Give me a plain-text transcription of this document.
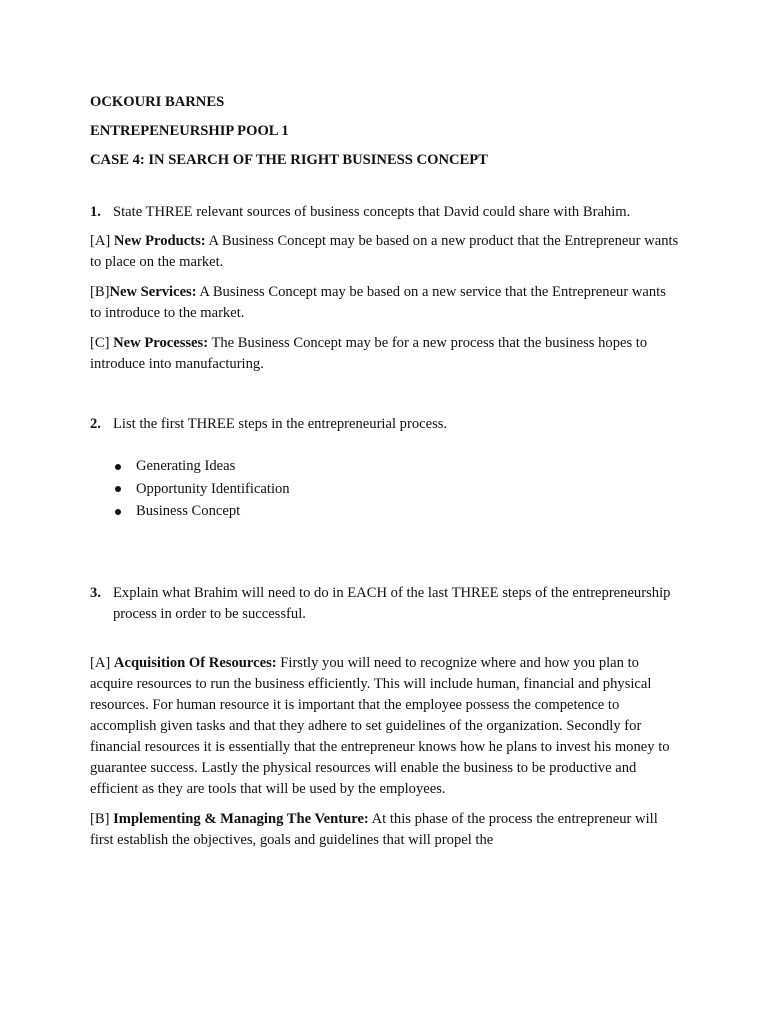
OCKOURI BARNES
ENTREPENEURSHIP POOL 1
CASE 4: IN SEARCH OF THE RIGHT BUSINESS CONCEPT
1. State THREE relevant sources of business concepts that David could share with Brahim.

[A] New Products: A Business Concept may be based on a new product that the Entrepreneur wants to place on the market.

[B]New Services: A Business Concept may be based on a new service that the Entrepreneur wants to introduce to the market.

[C] New Processes: The Business Concept may be for a new process that the business hopes to introduce into manufacturing.

2. List the first THREE steps in the entrepreneurial process.
Generating Ideas
Opportunity Identification
Business Concept
3. Explain what Brahim will need to do in EACH of the last THREE steps of the entrepreneurship process in order to be successful.

[A] Acquisition Of Resources: Firstly you will need to recognize where and how you plan to acquire resources to run the business efficiently. This will include human, financial and physical resources. For human resource it is important that the employee possess the competence to accomplish given tasks and that they adhere to set guidelines of the organization. Secondly for financial resources it is essentially that the entrepreneur knows how he plans to invest his money to guarantee success. Lastly the physical resources will enable the business to be productive and efficient as they are tools that will be used by the employees.

[B] Implementing & Managing The Venture: At this phase of the process the entrepreneur will first establish the objectives, goals and guidelines that will propel the
